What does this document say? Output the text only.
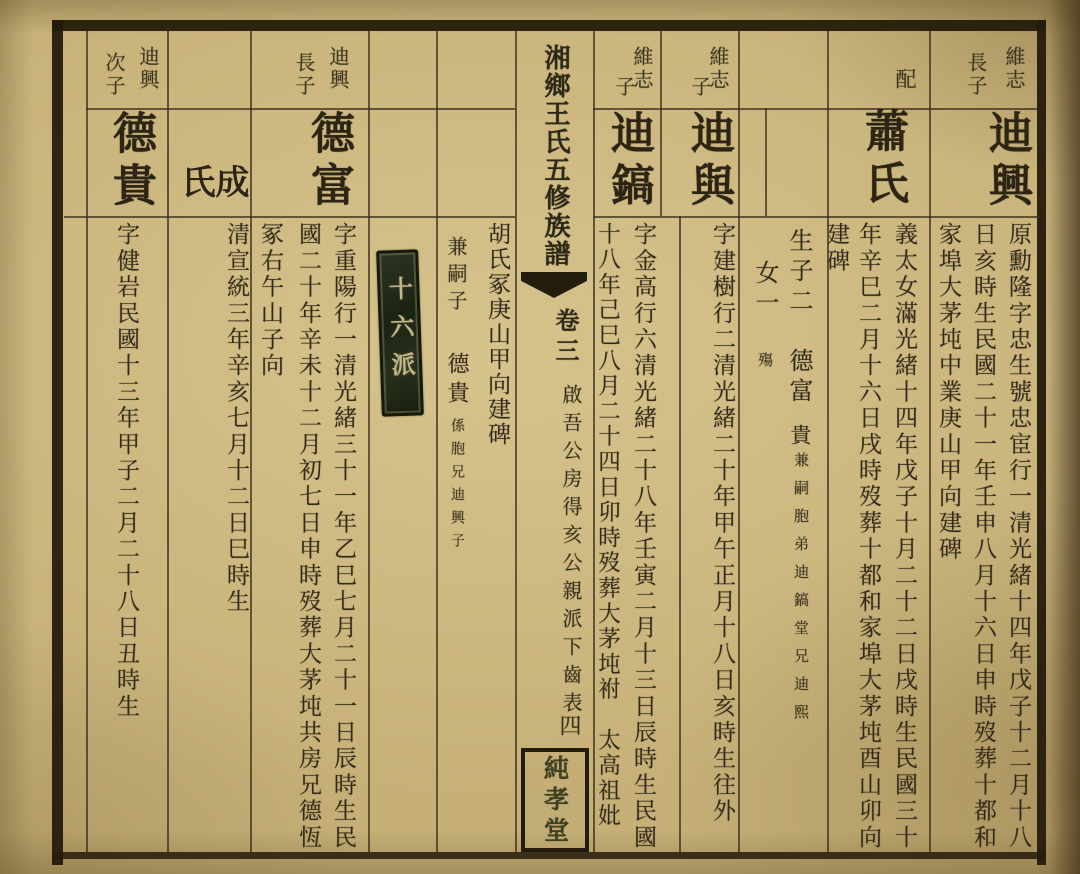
維志
長子
迪興
原勳隆字忠生號忠宦行一清光緒十四年戊子十二月十八
日亥時生民國二十一年壬申八月十六日申時歿葬十都和
家埠大茅坉中業庚山甲向建碑
配
蕭氏
義太女滿光緒十四年戊子十月二十二日戌時生民國三十
年辛巳二月十六日戌時歿葬十都和家埠大茅坉酉山卯向
建碑
生子二
德富
貴
兼嗣胞弟迪鎬堂兄迪熙
女一
殤
維志
子
迪與
字建樹行二清光緒二十年甲午正月十八日亥時生往外
維志
子
迪鎬
字金高行六清光緒二十八年壬寅二月十三日辰時生民國
十八年己巳八月二十四日卯時歿葬大茅坉祔　太高祖妣
湘鄉王氏五修族譜
卷三
啟吾公房得亥公親派下齒表
四
純孝堂
胡氏冢庚山甲向建碑
兼嗣子
德貴
係胞兄迪興子
十六派
迪興
長子
德富
字重陽行一清光緒三十一年乙巳七月二十一日辰時生民
國二十年辛未十二月初七日申時歿葬大茅坉共房兄德恆
冢右午山子向
成氏
清宣統三年辛亥七月十二日巳時生
迪興
次子
德貴
字健岩民國十三年甲子二月二十八日丑時生
